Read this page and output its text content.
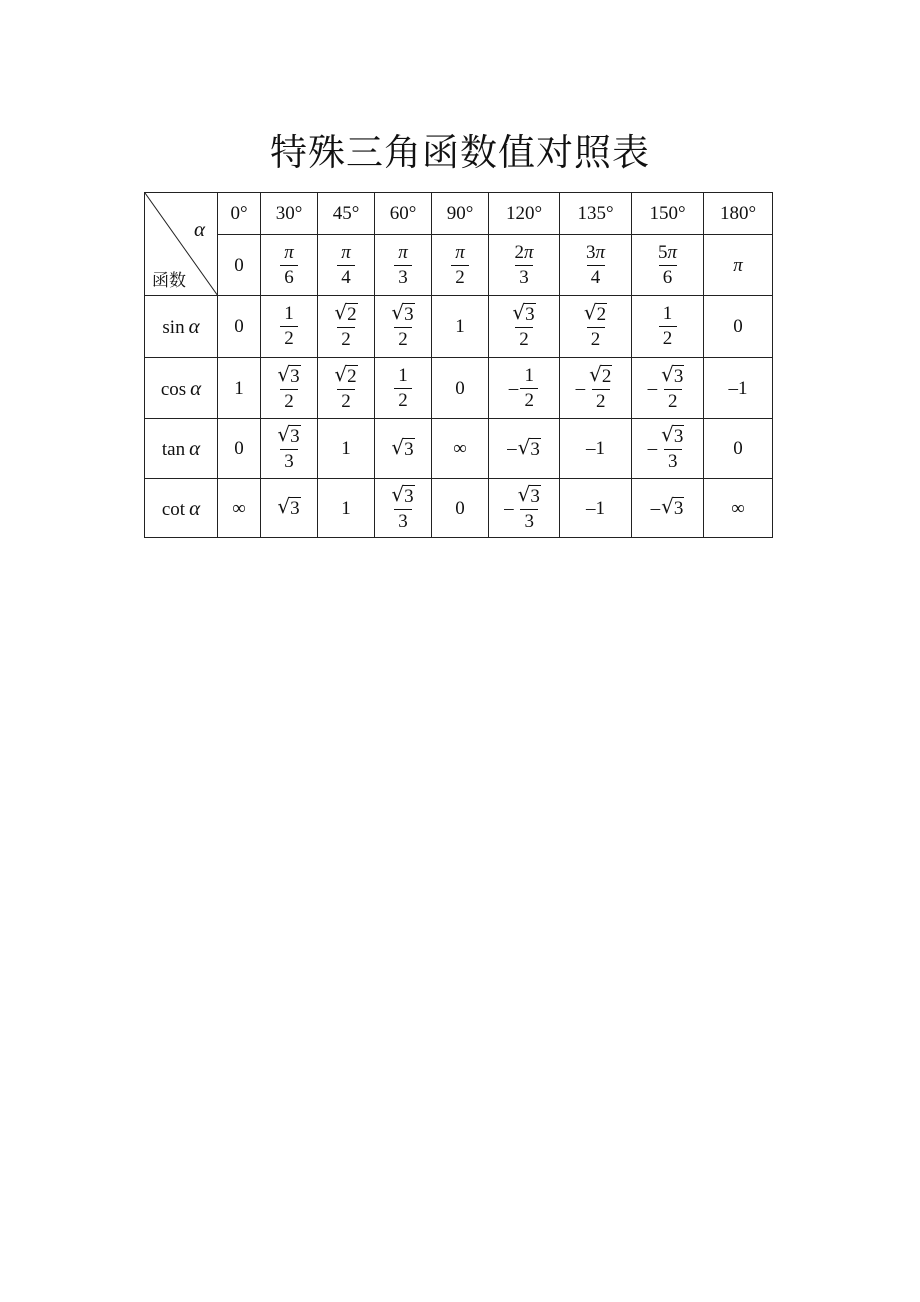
特殊三角函数值对照表
α
函数	0°	30°	45°	60°	90°	120°	135°	150°	180°

	0	$\frac{\pi}{6}$	$\frac{\pi}{4}$	$\frac{\pi}{3}$	$\frac{\pi}{2}$	$\frac{2\pi}{3}$	$\frac{3\pi}{4}$	$\frac{5\pi}{6}$	π

sin α	0	$\frac{1}{2}$	$\frac{√ 2}{2}$	$\frac{√ 3}{2}$	1	$\frac{√ 3}{2}$	$\frac{√ 2}{2}$	$\frac{1}{2}$	0

cos α	1	$\frac{√ 3}{2}$	$\frac{√ 2}{2}$	$\frac{1}{2}$	0	– $\frac{1}{2}$	– $\frac{√ 2}{2}$	– $\frac{√ 3}{2}$	–1

tan α	0	$\frac{√ 3}{3}$	1	√ 3	∞	– √ 3	–1	– $\frac{√ 3}{3}$	0

cot α	∞	√ 3	1	$\frac{√ 3}{3}$	0	– $\frac{√ 3}{3}$	–1	– √ 3	∞
